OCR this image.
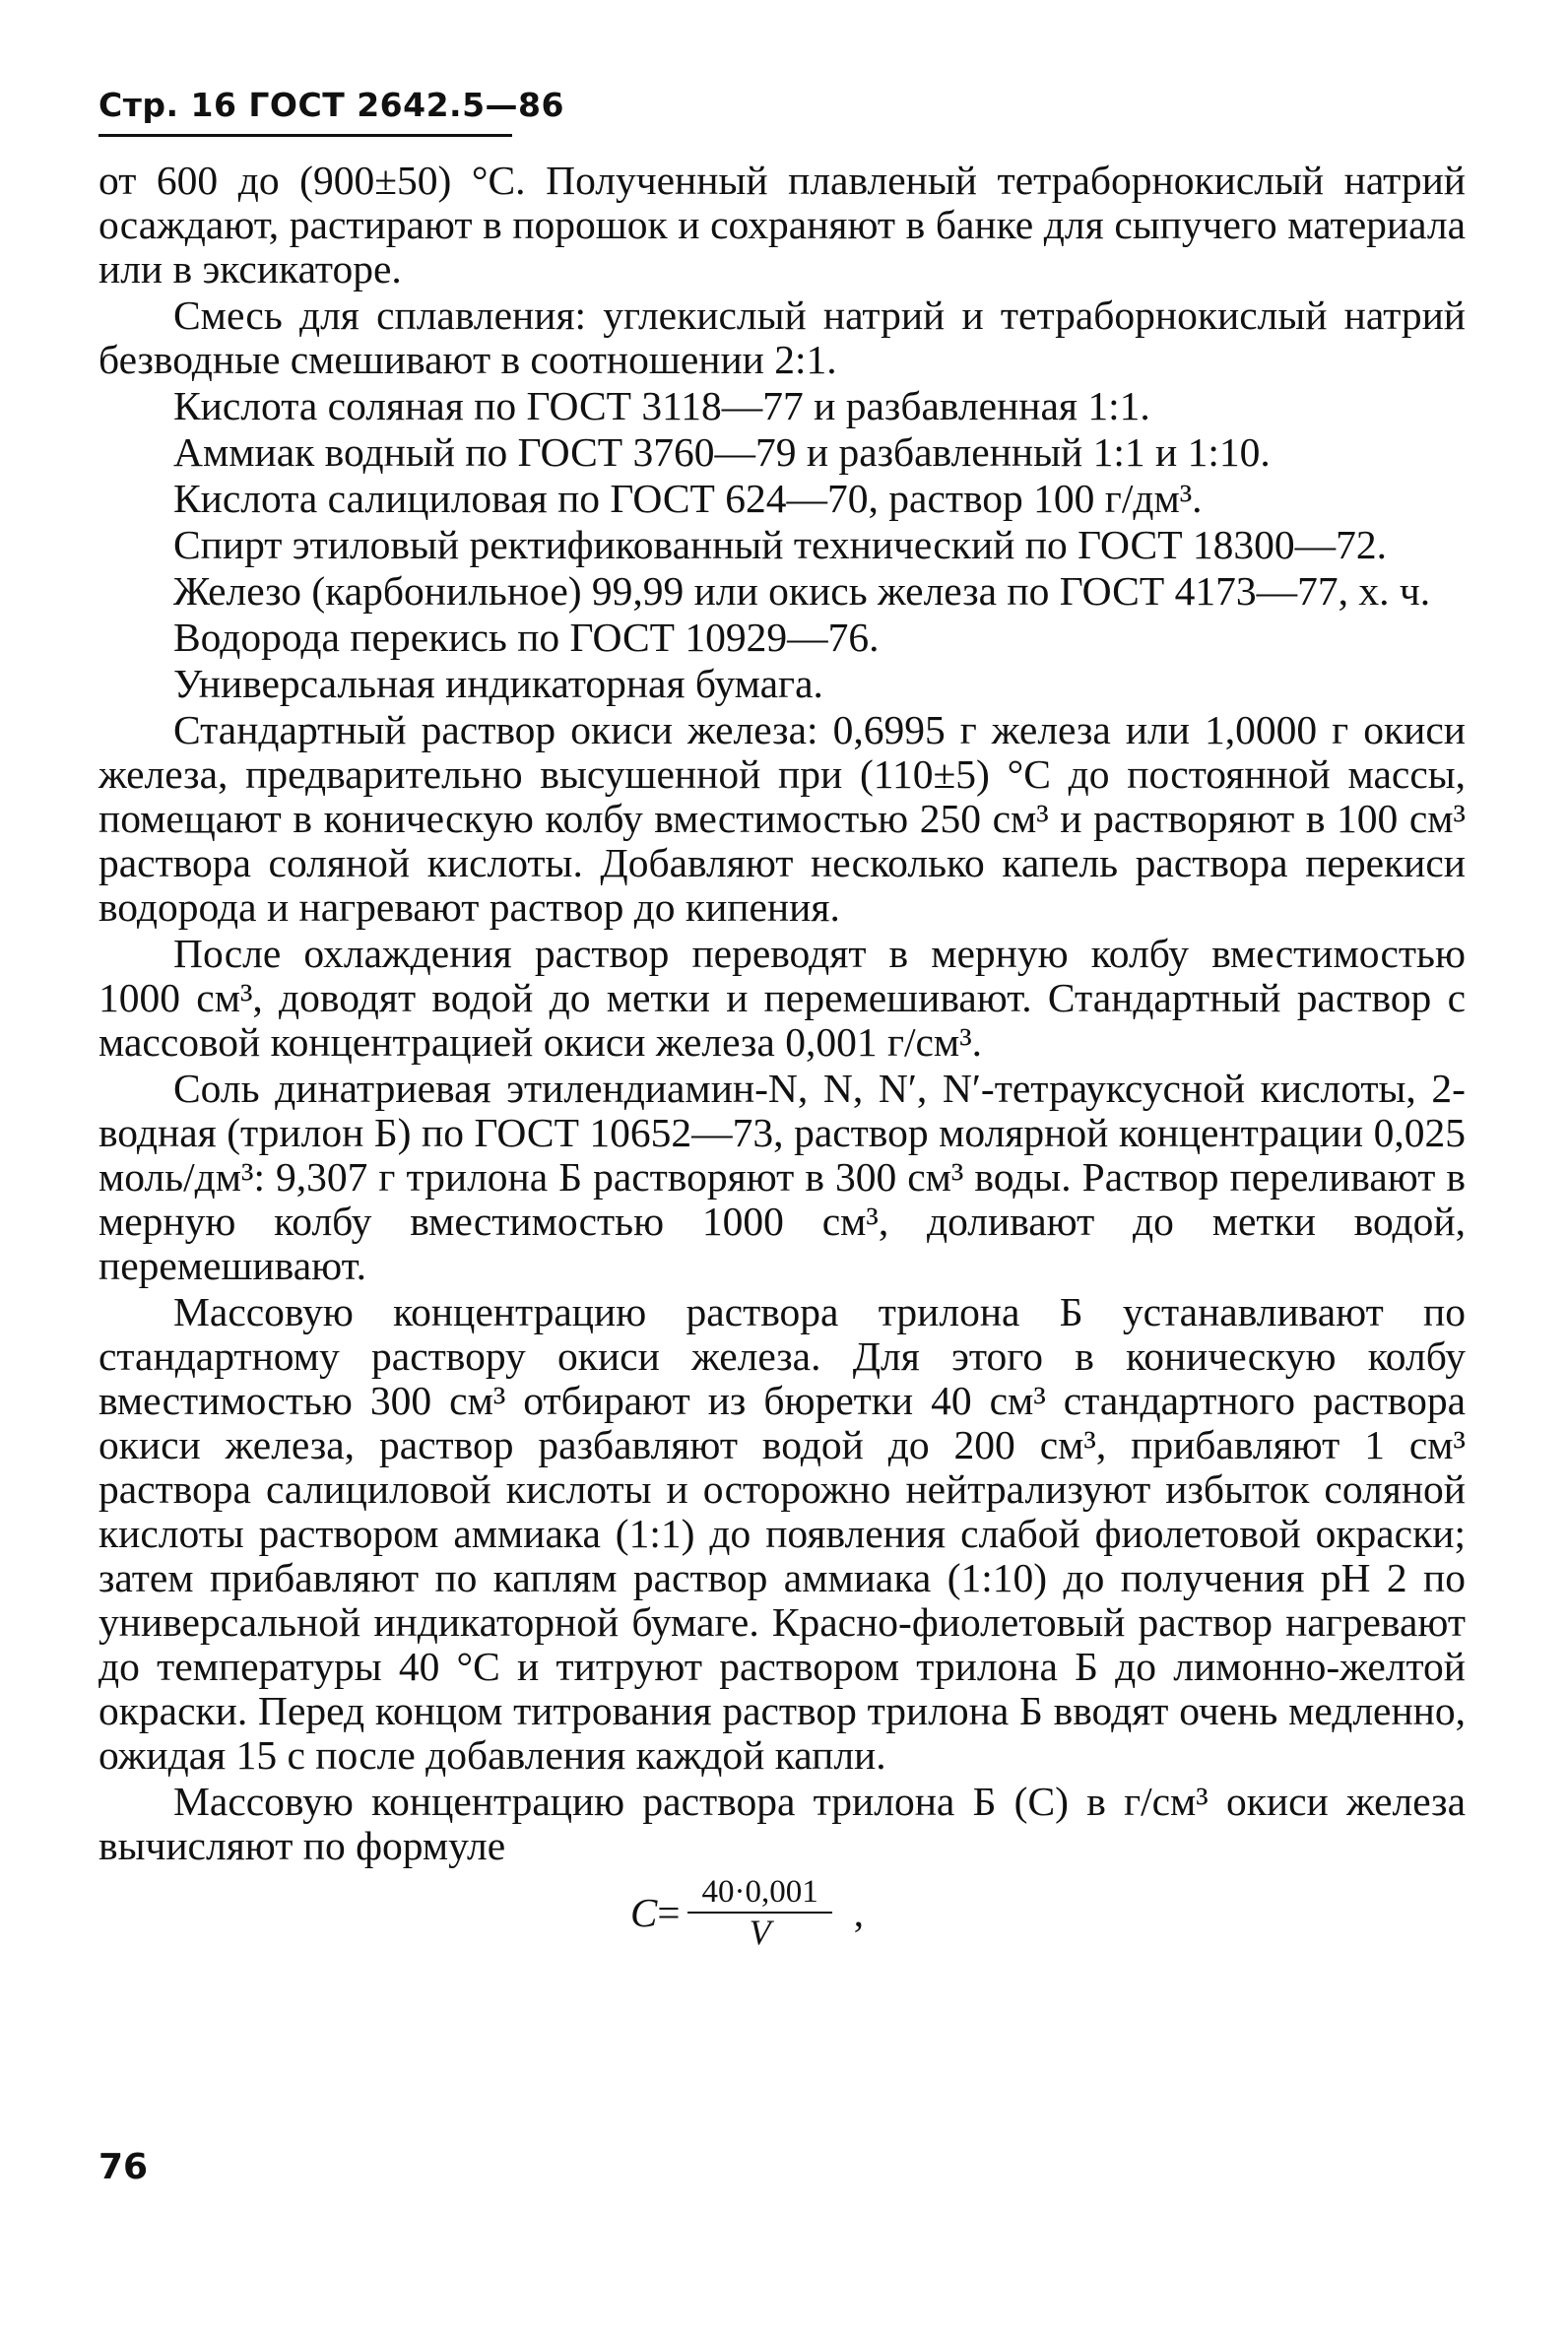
Стр. 16 ГОСТ 2642.5—86

от 600 до (900±50) °С. Полученный плавленый тетраборнокислый натрий осаждают, растирают в порошок и сохраняют в банке для сыпучего материала или в эксикаторе.

Смесь для сплавления: углекислый натрий и тетраборнокислый натрий безводные смешивают в соотношении 2:1.

Кислота соляная по ГОСТ 3118—77 и разбавленная 1:1.

Аммиак водный по ГОСТ 3760—79 и разбавленный 1:1 и 1:10.

Кислота салициловая по ГОСТ 624—70, раствор 100 г/дм³.

Спирт этиловый ректификованный технический по ГОСТ 18300—72.

Железо (карбонильное) 99,99 или окись железа по ГОСТ 4173—77, х. ч.

Водорода перекись по ГОСТ 10929—76.

Универсальная индикаторная бумага.

Стандартный раствор окиси железа: 0,6995 г железа или 1,0000 г окиси железа, предварительно высушенной при (110±5) °С до постоянной массы, помещают в коническую колбу вместимостью 250 см³ и растворяют в 100 см³ раствора соляной кислоты. Добавляют несколько капель раствора перекиси водорода и нагревают раствор до кипения.

После охлаждения раствор переводят в мерную колбу вместимостью 1000 см³, доводят водой до метки и перемешивают. Стандартный раствор с массовой концентрацией окиси железа 0,001 г/см³.

Соль динатриевая этилендиамин-N, N, N′, N′-тетрауксусной кислоты, 2-водная (трилон Б) по ГОСТ 10652—73, раствор молярной концентрации 0,025 моль/дм³: 9,307 г трилона Б растворяют в 300 см³ воды. Раствор переливают в мерную колбу вместимостью 1000 см³, доливают до метки водой, перемешивают.

Массовую концентрацию раствора трилона Б устанавливают по стандартному раствору окиси железа. Для этого в коническую колбу вместимостью 300 см³ отбирают из бюретки 40 см³ стандартного раствора окиси железа, раствор разбавляют водой до 200 см³, прибавляют 1 см³ раствора салициловой кислоты и осторожно нейтрализуют избыток соляной кислоты раствором аммиака (1:1) до появления слабой фиолетовой окраски; затем прибавляют по каплям раствор аммиака (1:10) до получения pH 2 по универсальной индикаторной бумаге. Красно-фиолетовый раствор нагревают до температуры 40 °С и титруют раствором трилона Б до лимонно-желтой окраски. Перед концом титрования раствор трилона Б вводят очень медленно, ожидая 15 с после добавления каждой капли.

Массовую концентрацию раствора трилона Б (С) в г/см³ окиси железа вычисляют по формуле

$С = \frac{40\cdot 0,001}{V}$ ,
76
